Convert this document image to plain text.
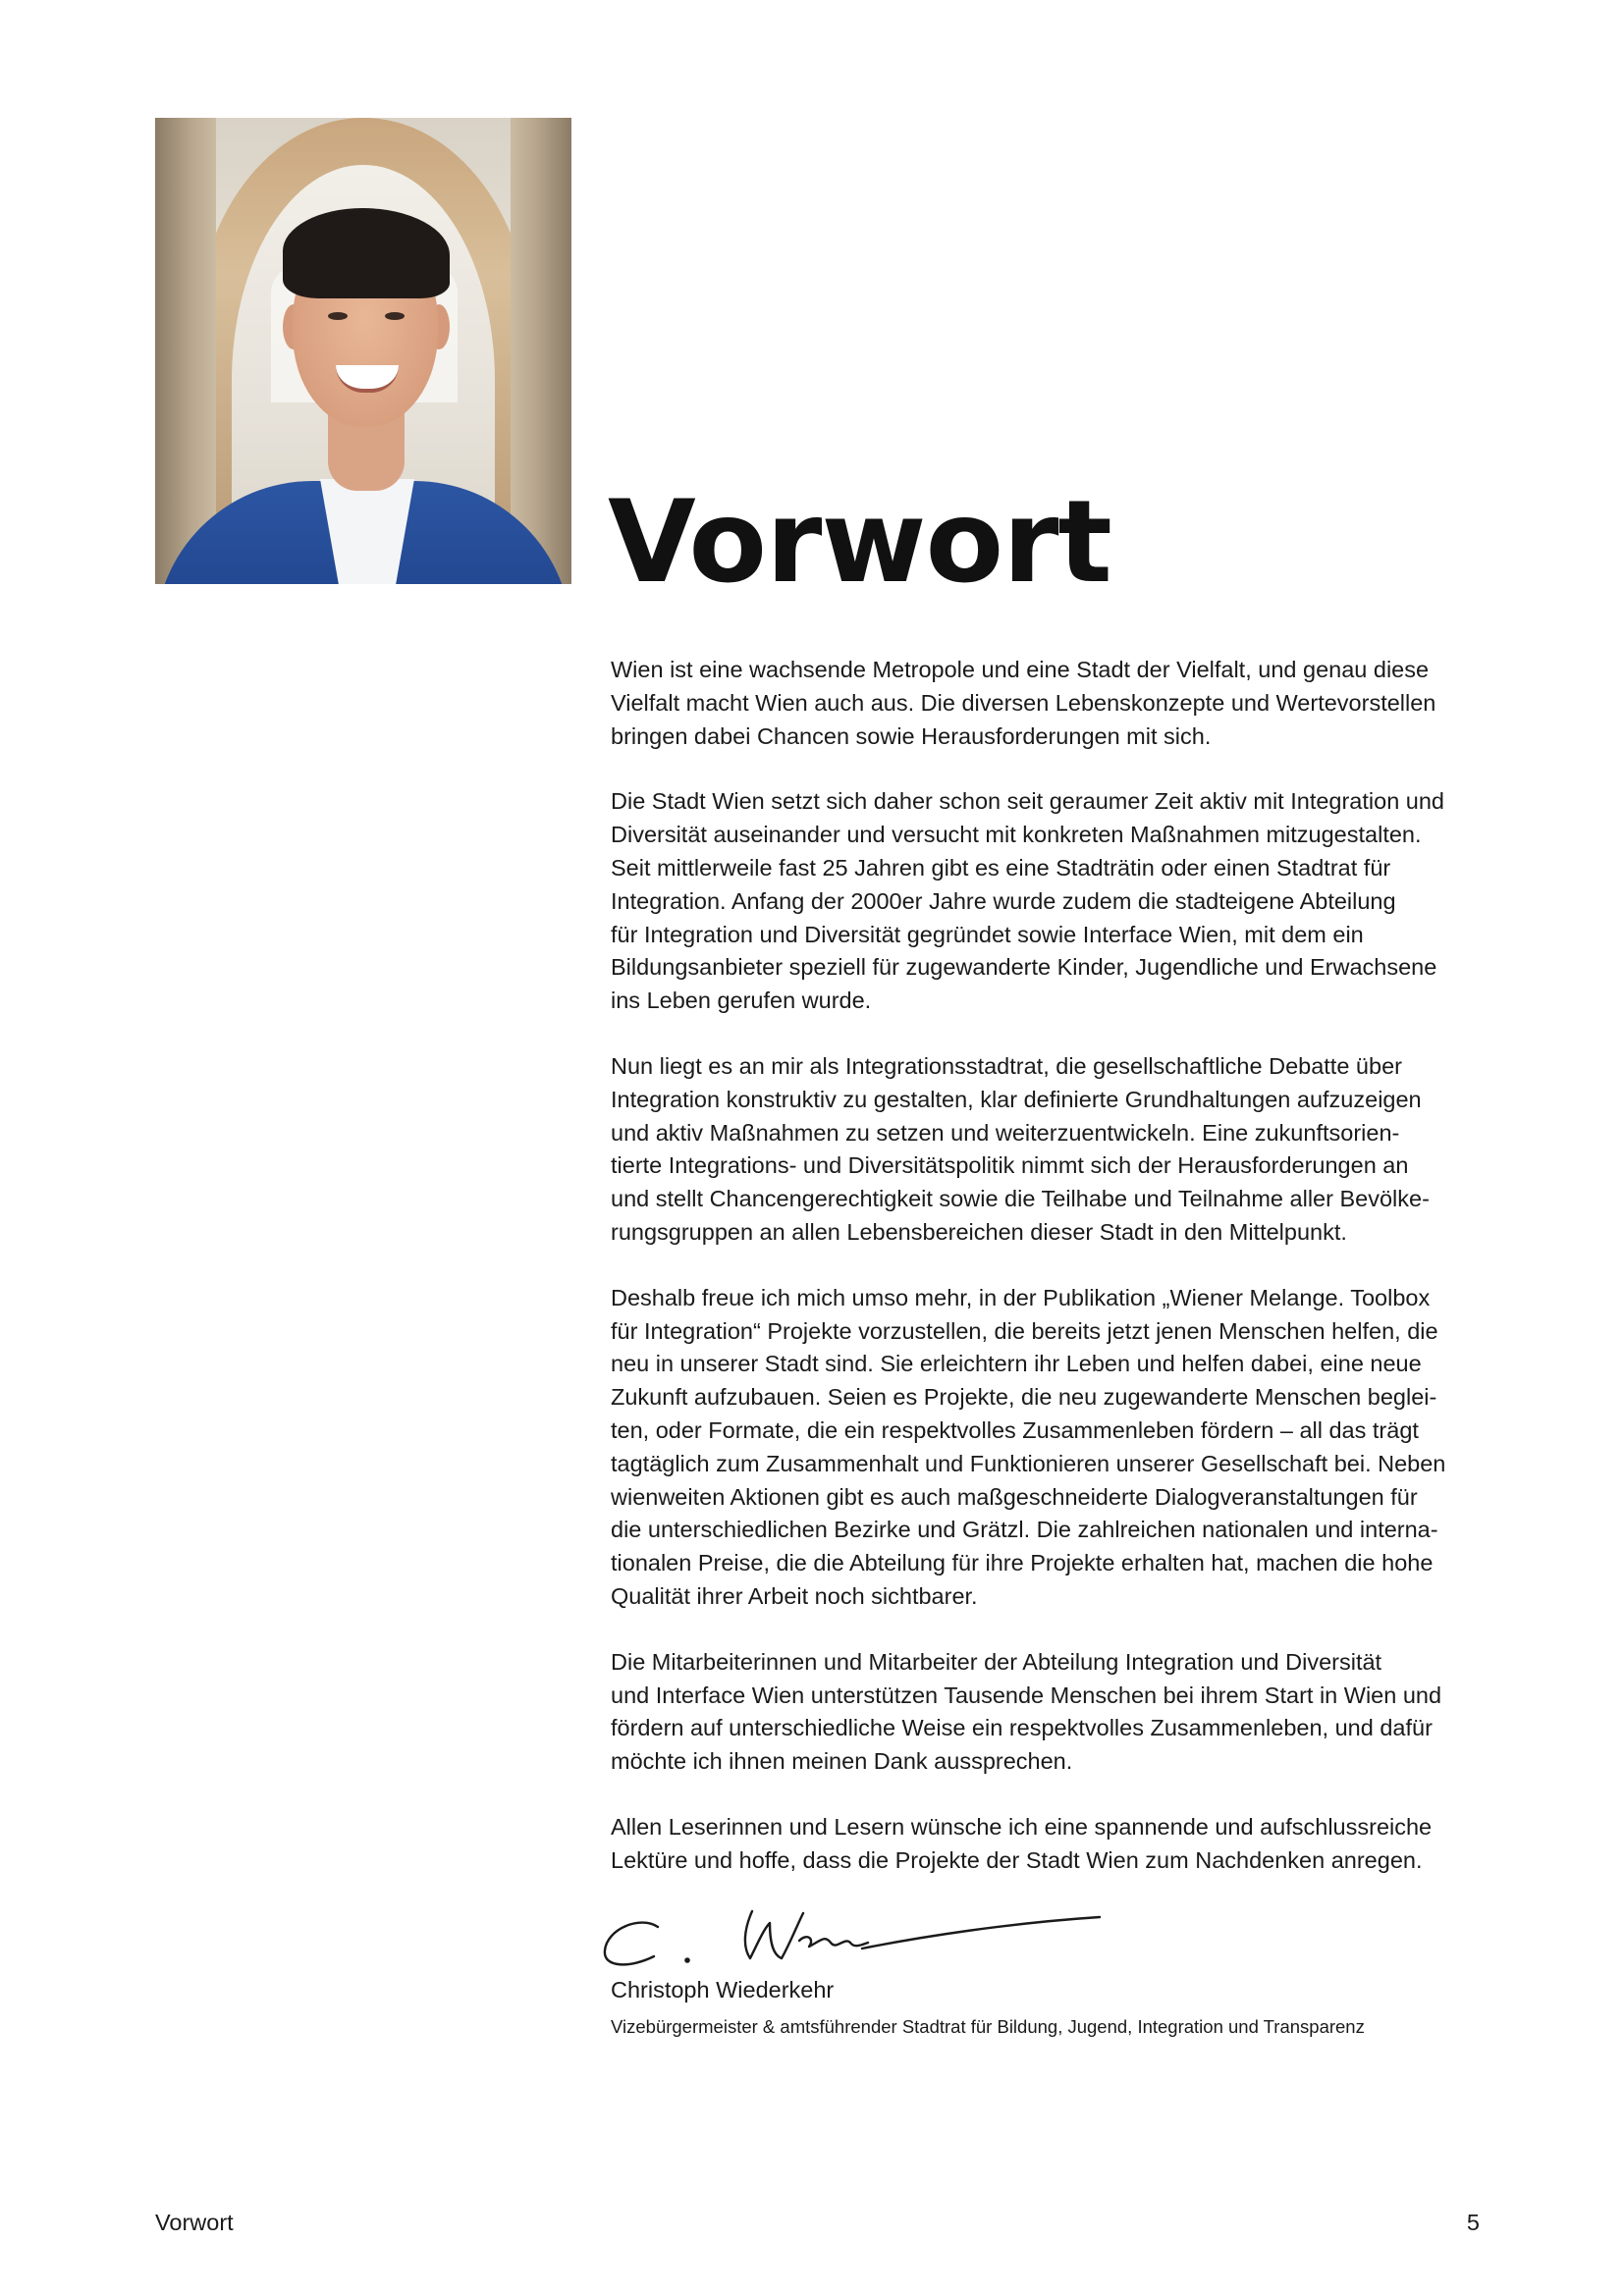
Vorwort

Wien ist eine wachsende Metropole und eine Stadt der Vielfalt, und genau diese
Vielfalt macht Wien auch aus. Die diversen Lebenskonzepte und Wertevorstellen
bringen dabei Chancen sowie Herausforderungen mit sich.

Die Stadt Wien setzt sich daher schon seit geraumer Zeit aktiv mit Integration und
Diversität auseinander und versucht mit konkreten Maßnahmen mitzugestalten.
Seit mittlerweile fast 25 Jahren gibt es eine Stadträtin oder einen Stadtrat für
Integration. Anfang der 2000er Jahre wurde zudem die stadteigene Abteilung
für Integration und Diversität gegründet sowie Interface Wien, mit dem ein
Bildungsanbieter speziell für zugewanderte Kinder, Jugendliche und Erwachsene
ins Leben gerufen wurde.

Nun liegt es an mir als Integrationsstadtrat, die gesellschaftliche Debatte über
Integration konstruktiv zu gestalten, klar definierte Grundhaltungen aufzuzeigen
und aktiv Maßnahmen zu setzen und weiterzuentwickeln. Eine zukunftsorien-
tierte Integrations- und Diversitätspolitik nimmt sich der Herausforderungen an
und stellt Chancengerechtigkeit sowie die Teilhabe und Teilnahme aller Bevölke-
rungsgruppen an allen Lebensbereichen dieser Stadt in den Mittelpunkt.

Deshalb freue ich mich umso mehr, in der Publikation „Wiener Melange. Toolbox
für Integration“ Projekte vorzustellen, die bereits jetzt jenen Menschen helfen, die
neu in unserer Stadt sind. Sie erleichtern ihr Leben und helfen dabei, eine neue
Zukunft aufzubauen. Seien es Projekte, die neu zugewanderte Menschen beglei-
ten, oder Formate, die ein respektvolles Zusammenleben fördern – all das trägt
tagtäglich zum Zusammenhalt und Funktionieren unserer Gesellschaft bei. Neben
wienweiten Aktionen gibt es auch maßgeschneiderte Dialogveranstaltungen für
die unterschiedlichen Bezirke und Grätzl. Die zahlreichen nationalen und interna-
tionalen Preise, die die Abteilung für ihre Projekte erhalten hat, machen die hohe
Qualität ihrer Arbeit noch sichtbarer.

Die Mitarbeiterinnen und Mitarbeiter der Abteilung Integration und Diversität
und Interface Wien unterstützen Tausende Menschen bei ihrem Start in Wien und
fördern auf unterschiedliche Weise ein respektvolles Zusammenleben, und dafür
möchte ich ihnen meinen Dank aussprechen.

Allen Leserinnen und Lesern wünsche ich eine spannende und aufschlussreiche
Lektüre und hoffe, dass die Projekte der Stadt Wien zum Nachdenken anregen.

Christoph Wiederkehr

Vizebürgermeister & amtsführender Stadtrat für Bildung, Jugend, Integration und Transparenz

Vorwort	5
